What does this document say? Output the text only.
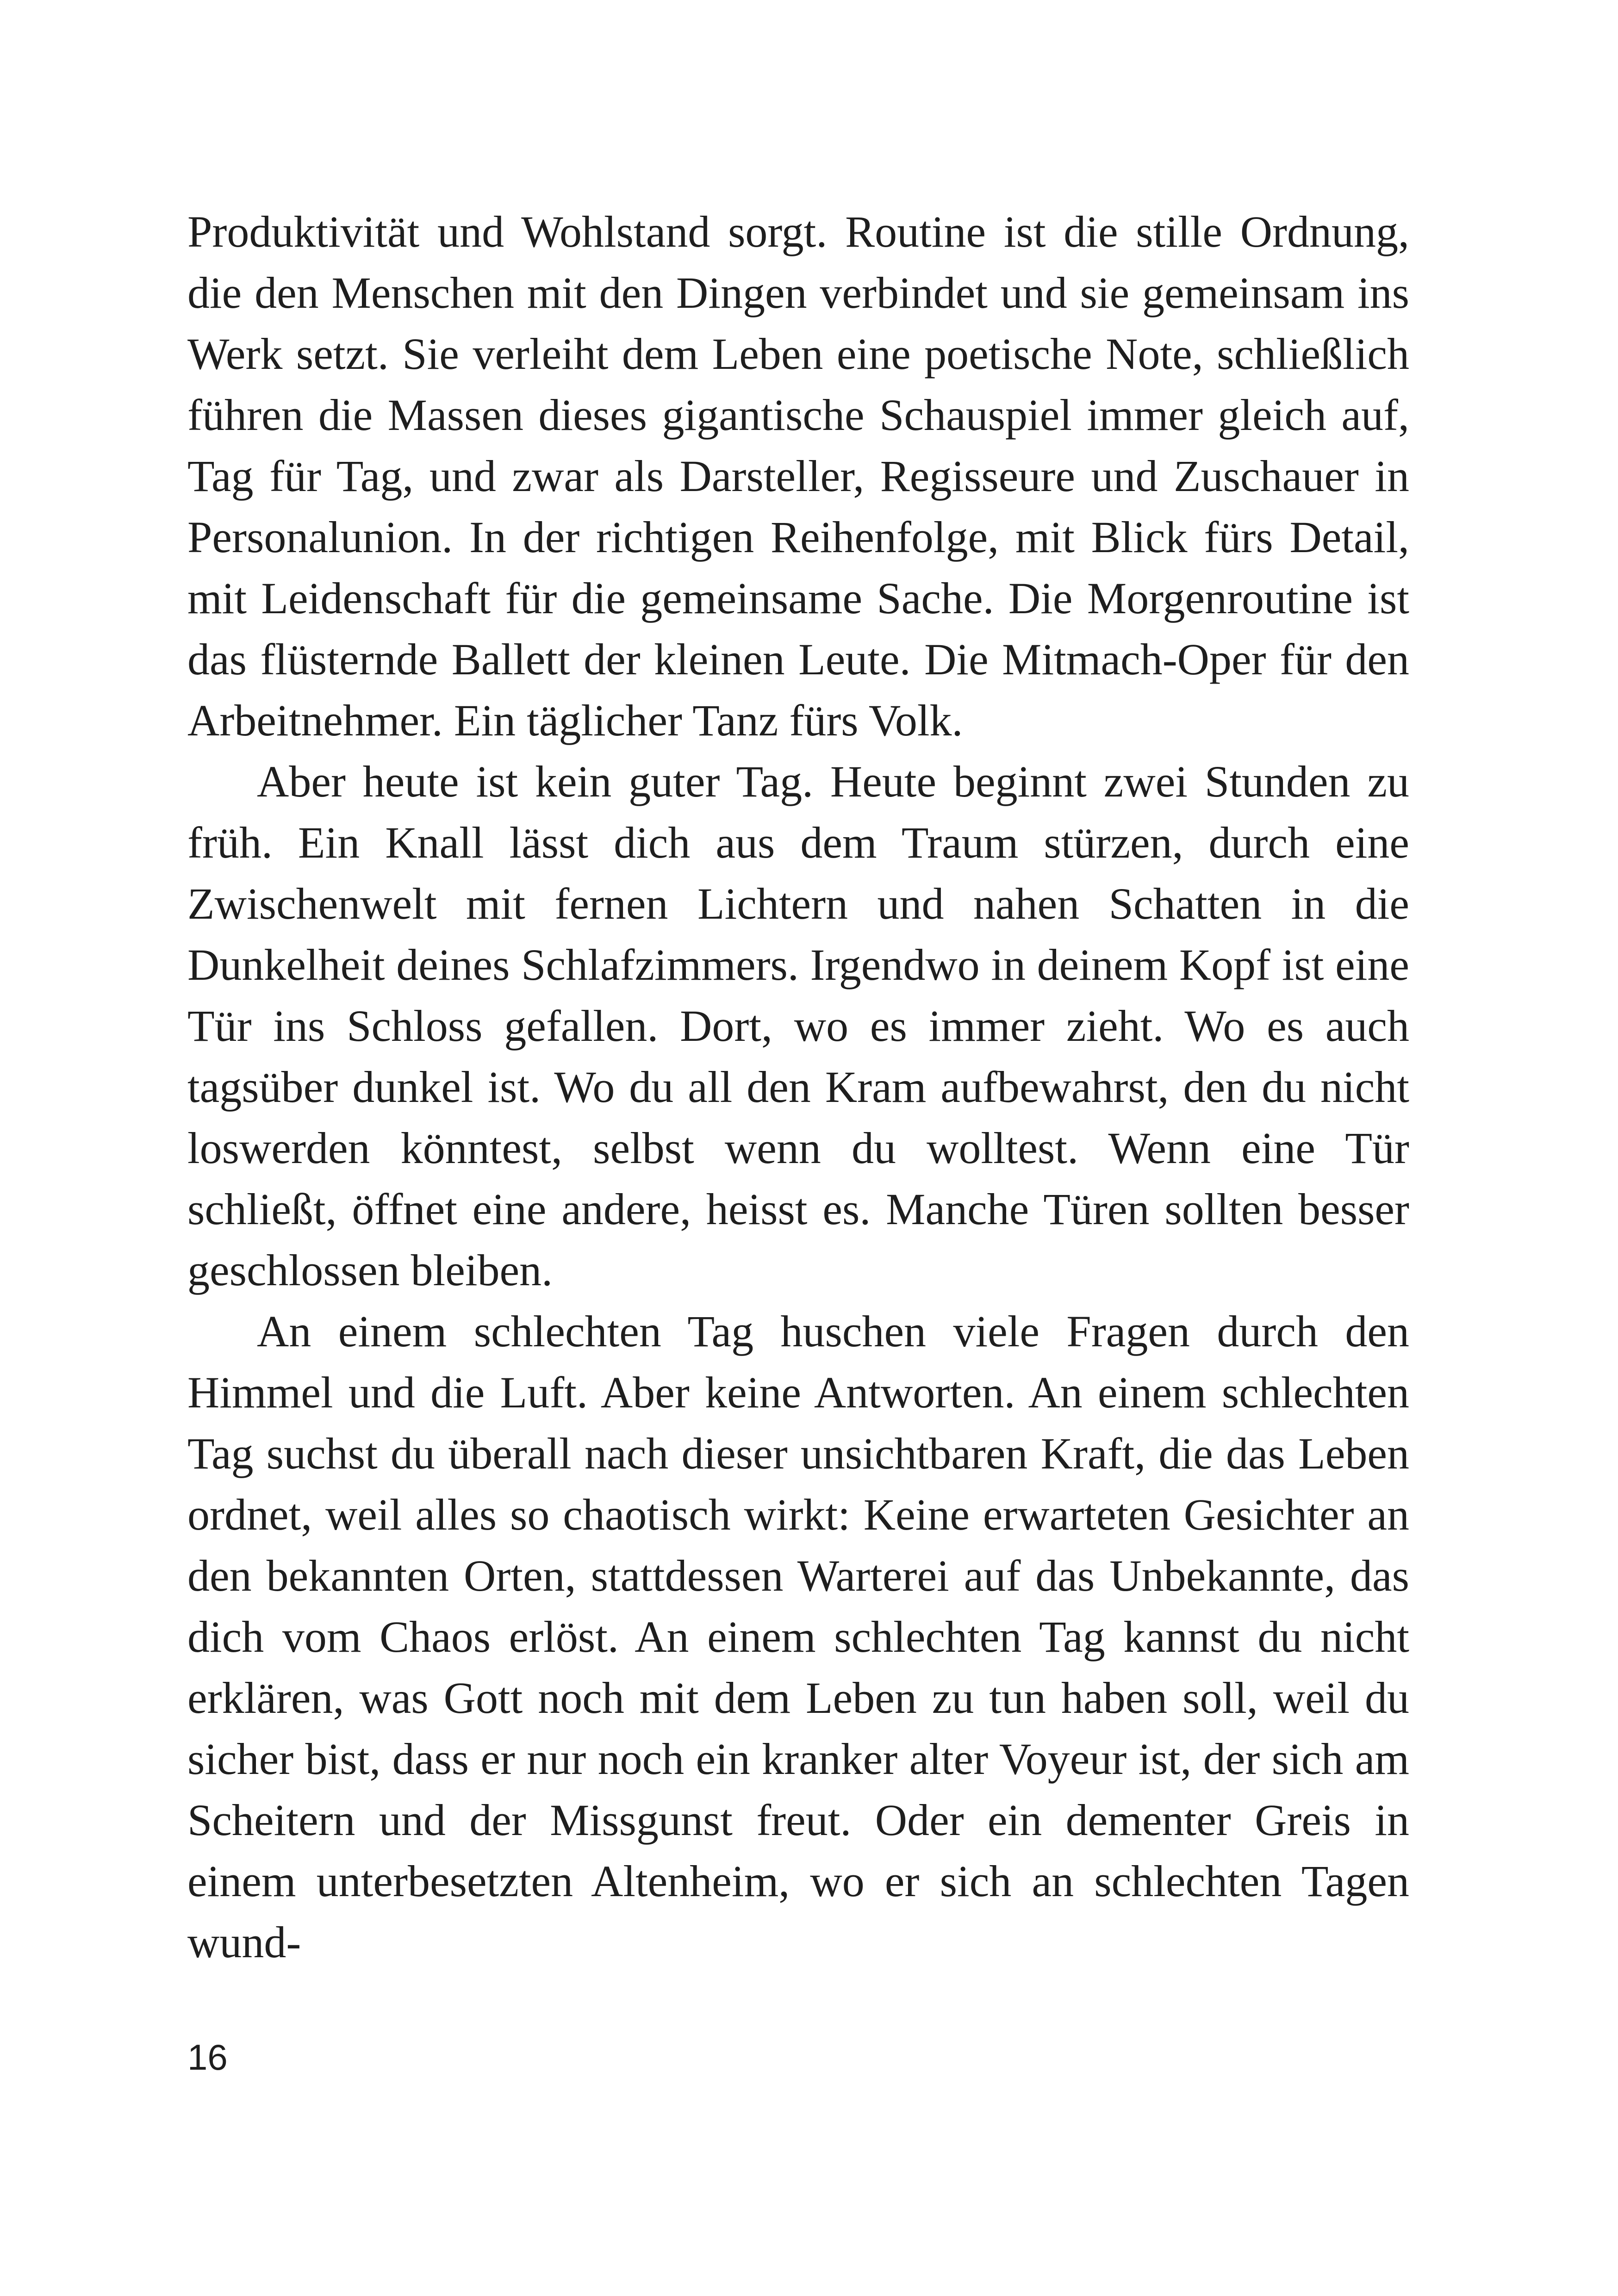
Produktivität und Wohlstand sorgt. Routine ist die stille Ordnung, die den Menschen mit den Dingen verbindet und sie gemeinsam ins Werk setzt. Sie verleiht dem Leben eine poetische Note, schließlich führen die Massen dieses gigantische Schauspiel immer gleich auf, Tag für Tag, und zwar als Darsteller, Regisseure und Zuschauer in Personalunion. In der richtigen Reihenfolge, mit Blick fürs Detail, mit Leidenschaft für die gemeinsame Sache. Die Morgenroutine ist das flüsternde Ballett der kleinen Leute. Die Mitmach-Oper für den Arbeitnehmer. Ein täglicher Tanz fürs Volk.

Aber heute ist kein guter Tag. Heute beginnt zwei Stunden zu früh. Ein Knall lässt dich aus dem Traum stürzen, durch eine Zwischenwelt mit fernen Lichtern und nahen Schatten in die Dunkelheit deines Schlafzimmers. Irgendwo in deinem Kopf ist eine Tür ins Schloss gefallen. Dort, wo es immer zieht. Wo es auch tagsüber dunkel ist. Wo du all den Kram aufbewahrst, den du nicht loswerden könntest, selbst wenn du wolltest. Wenn eine Tür schließt, öffnet eine andere, heisst es. Manche Türen sollten besser geschlossen bleiben.

An einem schlechten Tag huschen viele Fragen durch den Himmel und die Luft. Aber keine Antworten. An einem schlechten Tag suchst du überall nach dieser unsichtbaren Kraft, die das Leben ordnet, weil alles so chaotisch wirkt: Keine erwarteten Gesichter an den bekannten Orten, stattdessen Warterei auf das Unbekannte, das dich vom Chaos erlöst. An einem schlechten Tag kannst du nicht erklären, was Gott noch mit dem Leben zu tun haben soll, weil du sicher bist, dass er nur noch ein kranker alter Voyeur ist, der sich am Scheitern und der Missgunst freut. Oder ein dementer Greis in einem unterbesetzten Altenheim, wo er sich an schlechten Tagen wund-

16
